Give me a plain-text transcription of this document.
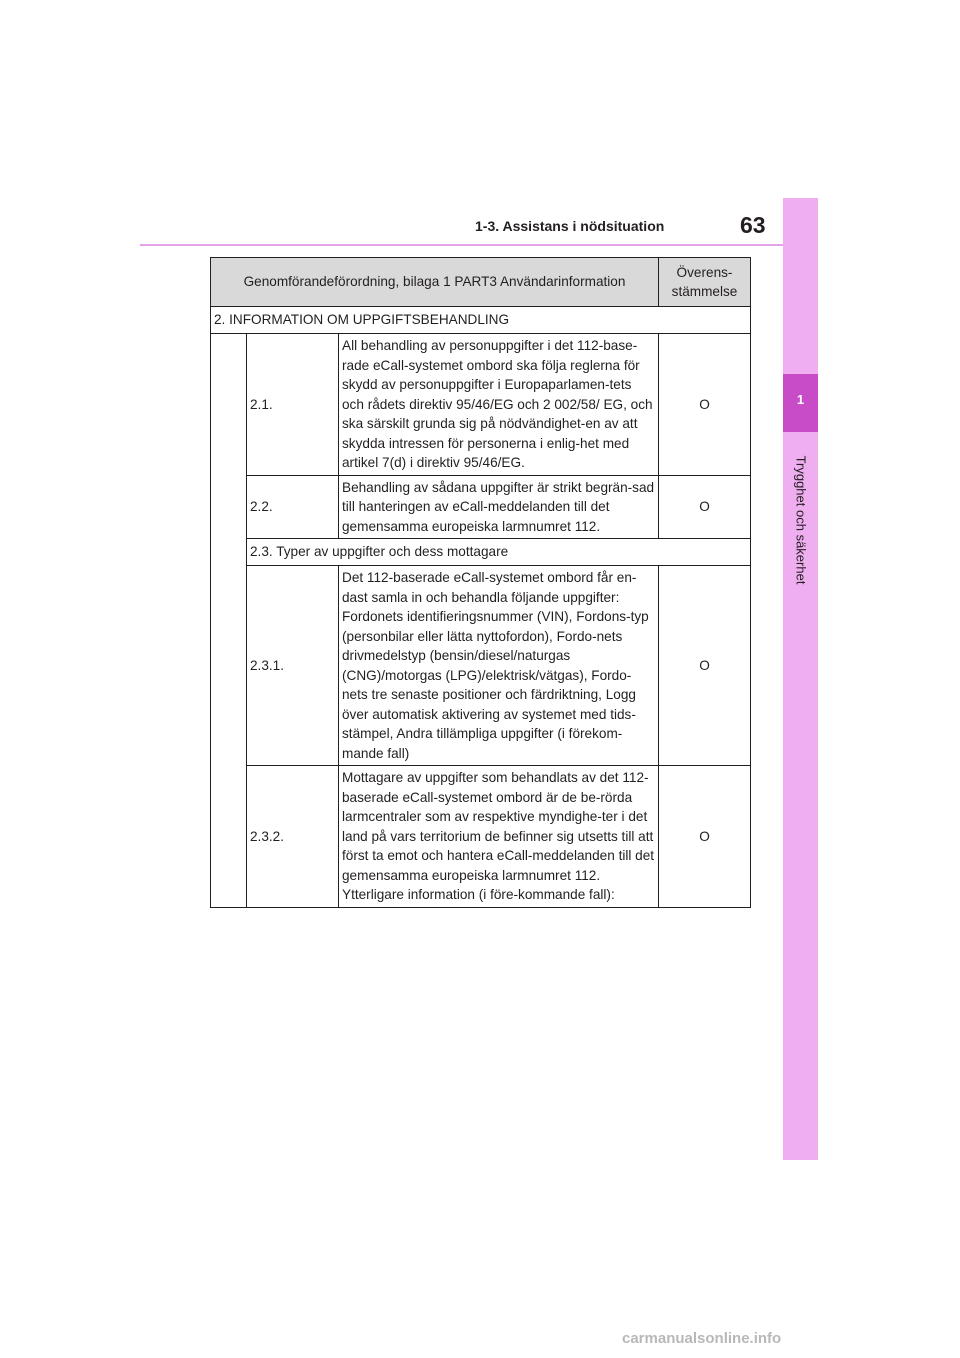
1-3. Assistans i nödsituation	63
1
Trygghet och säkerhet
Genomförandeförordning, bilaga 1 PART3 Användarinformation			Överens-
stämmelse
2. INFORMATION OM UPPGIFTSBEHANDLING			
	2.1.	All behandling av personuppgifter i det 112-base-rade eCall-systemet ombord ska följa reglerna för skydd av personuppgifter i Europaparlamen-tets och rådets direktiv 95/46/EG och 2 002/58/ EG, och ska särskilt grunda sig på nödvändighet-en av att skydda intressen för personerna i enlig-het med artikel 7(d) i direktiv 95/46/EG.	O
	2.2.	Behandling av sådana uppgifter är strikt begrän-sad till hanteringen av eCall-meddelanden till det gemensamma europeiska larmnumret 112.	O
	2.3. Typer av uppgifter och dess mottagare		
	2.3.1.	Det 112-baserade eCall-systemet ombord får en-dast samla in och behandla följande uppgifter: Fordonets identifieringsnummer (VIN), Fordons-typ (personbilar eller lätta nyttofordon), Fordo-nets drivmedelstyp (bensin/diesel/naturgas (CNG)/motorgas (LPG)/elektrisk/vätgas), Fordo-nets tre senaste positioner och färdriktning, Logg över automatisk aktivering av systemet med tids-stämpel, Andra tillämpliga uppgifter (i förekom-mande fall)	O
	2.3.2.	Mottagare av uppgifter som behandlats av det 112-baserade eCall-systemet ombord är de be-rörda larmcentraler som av respektive myndighe-ter i det land på vars territorium de befinner sig utsetts till att först ta emot och hantera eCall-meddelanden till det gemensamma europeiska larmnumret 112. Ytterligare information (i före-kommande fall):	O
carmanualsonline.info
